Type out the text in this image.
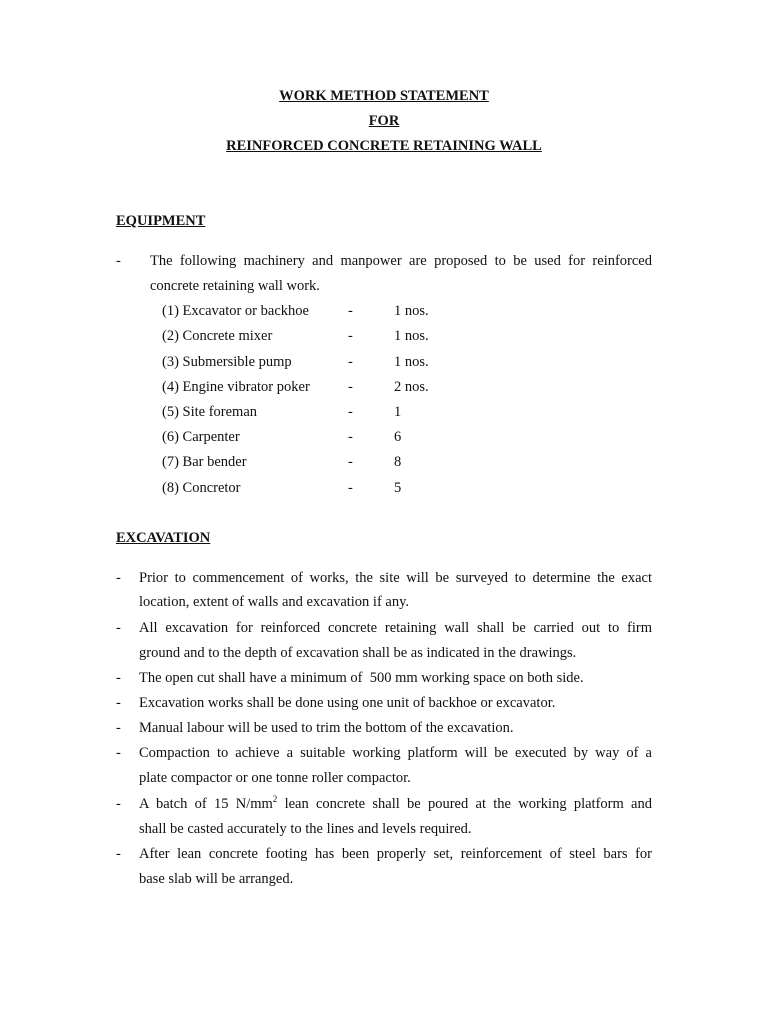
WORK METHOD STATEMENT
FOR
REINFORCED CONCRETE RETAINING WALL
EQUIPMENT
- The following machinery and manpower are proposed to be used for reinforced
concrete retaining wall work.
(1) Excavator or backhoe	-	1 nos.
(2) Concrete mixer	-	1 nos.
(3) Submersible pump	-	1 nos.
(4) Engine vibrator poker	-	2 nos.
(5) Site foreman	-	1
(6) Carpenter	-	6
(7) Bar bender	-	8
(8) Concretor	-	5
EXCAVATION
- Prior to commencement of works, the site will be surveyed to determine the exact
location, extent of walls and excavation if any.
- All excavation for reinforced concrete retaining wall shall be carried out to firm
ground and to the depth of excavation shall be as indicated in the drawings.
- The open cut shall have a minimum of  500 mm working space on both side.
- Excavation works shall be done using one unit of backhoe or excavator.
- Manual labour will be used to trim the bottom of the excavation.
- Compaction to achieve a suitable working platform will be executed by way of a
plate compactor or one tonne roller compactor.
- A batch of 15 $N/mm^2$ lean concrete shall be poured at the working platform and
shall be casted accurately to the lines and levels required.
- After lean concrete footing has been properly set, reinforcement of steel bars for
base slab will be arranged.
